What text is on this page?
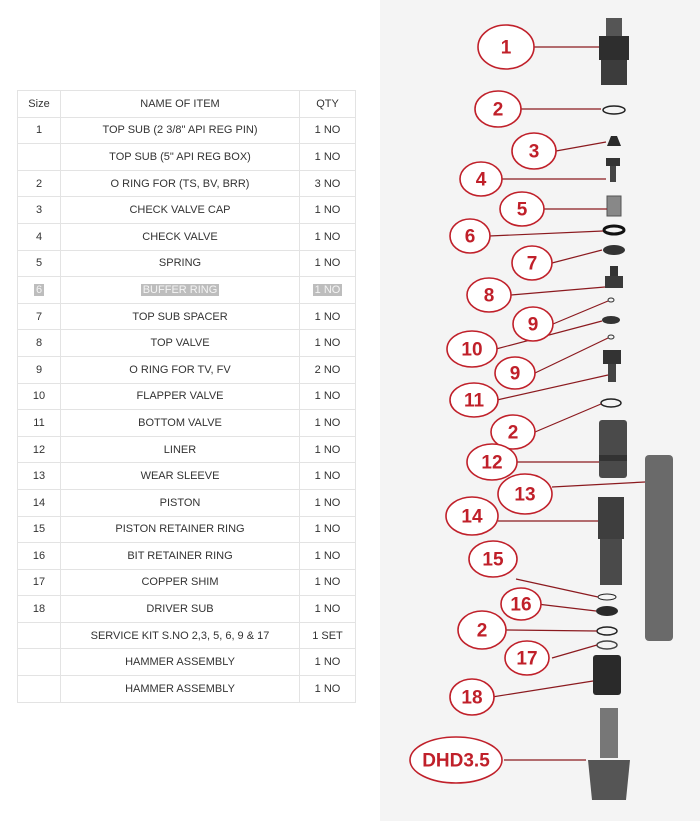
Size	NAME OF ITEM	QTY
1	TOP SUB (2 3/8" API REG PIN)	1 NO
	TOP SUB (5" API REG BOX)	1 NO
2	O RING FOR (TS, BV, BRR)	3 NO
3	CHECK VALVE CAP	1 NO
4	CHECK VALVE	1 NO
5	SPRING	1 NO
6	BUFFER RING	1 NO
7	TOP SUB SPACER	1 NO
8	TOP VALVE	1 NO
9	O RING FOR TV, FV	2 NO
10	FLAPPER VALVE	1 NO
11	BOTTOM VALVE	1 NO
12	LINER	1 NO
13	WEAR SLEEVE	1 NO
14	PISTON	1 NO
15	PISTON RETAINER RING	1 NO
16	BIT RETAINER RING	1 NO
17	COPPER SHIM	1 NO
18	DRIVER SUB	1 NO
	SERVICE KIT S.NO 2,3, 5, 6, 9 & 17	1 SET
	HAMMER ASSEMBLY	1 NO
	HAMMER ASSEMBLY	1 NO
1
2
3
4
5
6
7
8
9
10
9
11
2
12
13
14
15
16
2
17
18
DHD3.5
